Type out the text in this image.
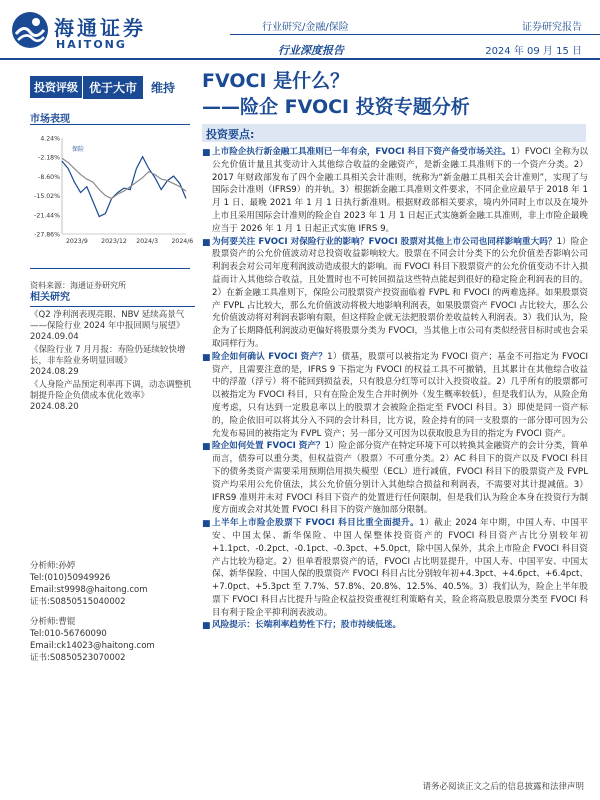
海通证券
HAITONG
行业研究/金融/保险
行业深度报告
证券研究报告
2024 年 09 月 15 日
投资评级 优于大市	维持	FVOCI 是什么？
——险企 FVOCI 投资专题分析
市场表现
4.24%
-2.18%
-8.60%
-15.02%
-21.44%
-27.86%
2023/9 2023/12 2024/3 2024/6
保险
资料来源：海通证券研究所
相关研究
《Q2 净利润表现亮眼、NBV 延续高景气——保险行业 2024 年中报回顾与展望》
2024.09.04
《保险行业 7 月月报：寿险仍延续较快增长，非车险业务明显回暖》
2024.08.29
《人身险产品预定利率再下调，动态调整机制提升险企负债成本优化效率》
2024.08.20
分析师:孙婷
Tel:(010)50949926
Email:st9998@haitong.com
证书:S0850515040002
分析师:曹锟
Tel:010-56760090
Email:ck14023@haitong.com
证书:S0850523070002
投资要点:
■ 上市险企执行新金融工具准则已一年有余，FVOCI 科目下资产备受市场关注。1）FVOCI 全称为以公允价值计量且其变动计入其他综合收益的金融资产，是新金融工具准则下的一个资产分类。2）2017 年财政部发布了四个金融工具相关会计准则，统称为“新金融工具相关会计准则”，实现了与国际会计准则（IFRS9）的并轨。3）根据新金融工具准则文件要求，不同企业应最早于 2018 年 1 月 1 日、最晚 2021 年 1 月 1 日执行新准则。根据财政部相关要求，境内外同时上市以及在境外上市且采用国际会计准则的险企自 2023 年 1 月 1 日起正式实施新金融工具准则，非上市险企最晚应当于 2026 年 1 月 1 日起正式实施 IFRS 9。
■ 为何要关注 FVOCI 对保险行业的影响？FVOCI 股票对其他上市公司也同样影响重大吗？1）险企股票资产的公允价值波动对总投资收益影响较大。股票在不同会计分类下的公允价值差否影响公司利润表会对公司年度利润波动造成很大的影响。而 FVOCI 科目下股票资产的公允价值变动不计入损益而计入其他综合收益，且处置时也不可转回损益这些特点能起到很好的稳定险企利润表的目的。2）在新金融工具准则下，保险公司股票资产投资面临着 FVPL 和 FVOCI 的两难选择。如果股票资产 FVPL 占比较大，那么允价值波动将极大地影响利润表，如果股票资产 FVOCI 占比较大，那么公允价值波动将对利润表影响有限，但这样险企就无法把股票价差收益转入利润表。3）我们认为，险企为了长期降低利润波动更偏好将股票分类为 FVOCI，当其他上市公司有类似经营目标时或也会采取同样行为。
■ 险企如何确认 FVOCI 资产？1）债基，股票可以被指定为 FVOCI 资产；基金不可指定为 FVOCI 资产，且需要注意的是，IFRS 9 下指定为 FVOCI 的权益工具不可撤销，且其累计在其他综合收益中的浮盈（浮亏）将不能回到损益表，只有股息分红等可以计入投资收益。2）几乎所有的股票都可以被指定为 FVOCI 科目，只有在险企发生合并时例外（发生概率较低），但是我们认为，从险企角度考虑，只有达到一定股息率以上的股票才会被险企指定至 FVOCI 科目。3）即使是同一资产标的，险企依旧可以将其分入不同的会计科目，比方说，险企持有的同一支股票的一部分即可因为公允发布易回的被指定为 FVPL 资产；另一部分又可因为以获取股息为目的指定为 FVOCI 资产。
■ 险企如何处置 FVOCI 资产？1）险企部分资产在特定环境下可以转换其金融资产的会计分类，简单而言，债券可以重分类，但权益资产（股票）不可重分类。2）AC 科目下的资产以及 FVOCI 科目下的债务类资产需要采用预期信用损失模型（ECL）进行减值，FVOCI 科目下的股票资产及 FVPL 资产均采用公允价值法，其公允价值分别计入其他综合损益和利润表，不需要对其计提减值。3）IFRS9 准则并未对 FVOCI 科目下资产的处置进行任何限制，但是我们认为险企本身在投资行为制度方面或会对其处置 FVOCI 科目下的资产施加部分限制。
■ 上半年上市险企股票下 FVOCI 科目比重全面提升。1）截止 2024 年中期，中国人寿、中国平安、中国太保、新华保险、中国人保整体投资资产的 FVOCI 科目资产占比分别较年初+1.1pct、-0.2pct、-0.1pct、-0.3pct、+5.0pct，除中国人保外，其余上市险企 FVOCI 科目资产占比较为稳定。2）但单看股票资产的话，FVOCI 占比明显提升，中国人寿、中国平安、中国太保、新华保险、中国人保的股票资产 FVOCI 科目占比分别较年初+4.3pct、+4.6pct、+6.4pct、+7.0pct、+5.3pct 至 7.7%、57.8%、20.8%、12.5%、40.5%。3）我们认为，险企上半年股票下 FVOCI 科目占比提升与险企权益投资重视红利策略有关，险企将高股息股票分类至 FVOCI 科目有利于险企平抑利润表波动。
■ 风险提示：长端利率趋势性下行；股市持续低迷。
请务必阅读正文之后的信息披露和法律声明
